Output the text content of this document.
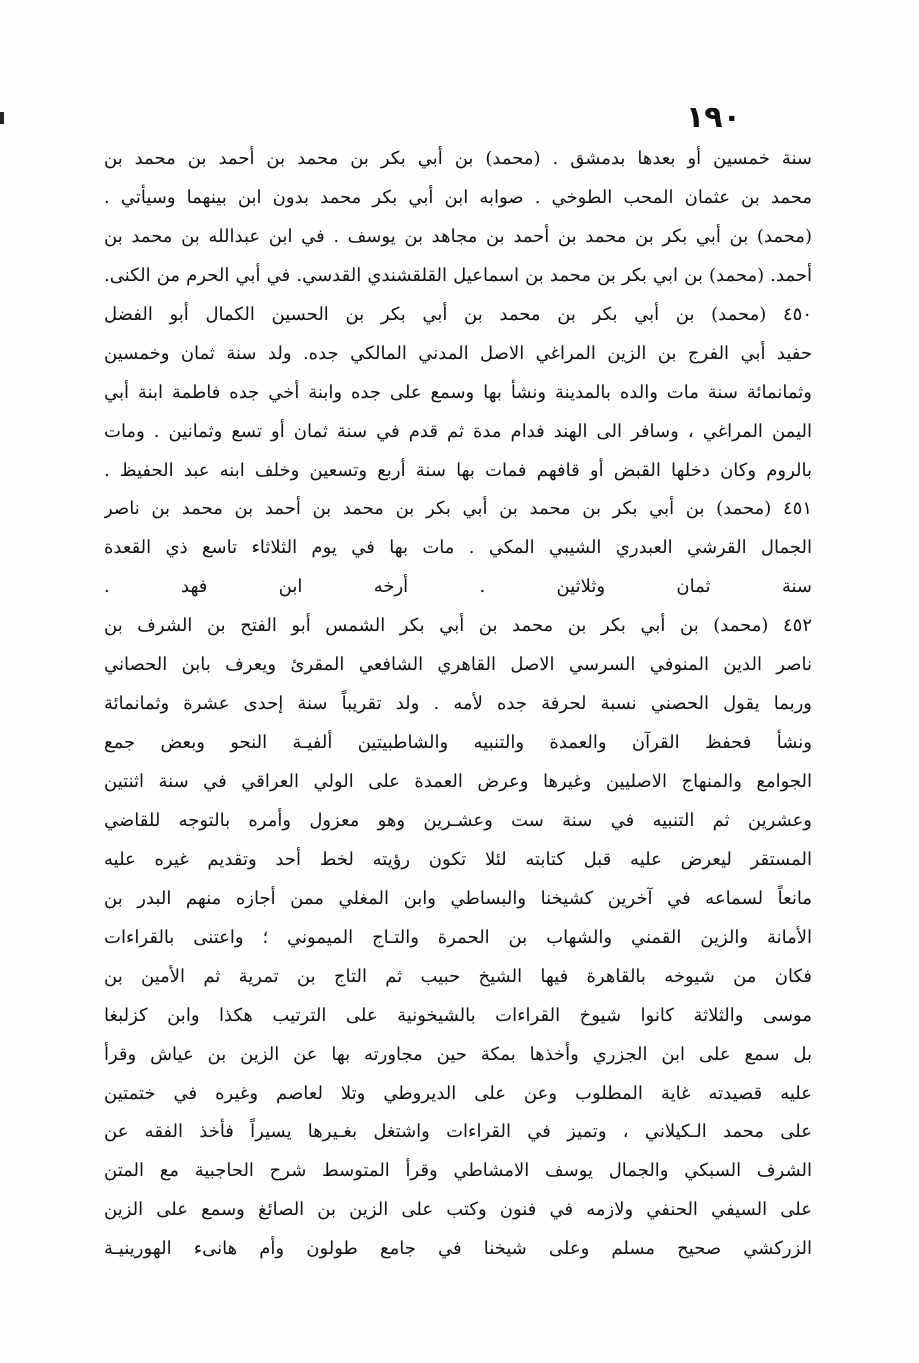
١٩٠
سنة خمسين أو بعدها بدمشق . (محمد) بن أبي بكر بن محمد بن أحمد بن محمد بن
محمد بن عثمان المحب الطوخي . صوابه ابن أبي بكر محمد بدون ابن بينهما وسيأتي .
(محمد) بن أبي بكر بن محمد بن أحمد بن مجاهد بن يوسف . في ابن عبدالله بن محمد بن
أحمد. (محمد) بن ابي بكر بن محمد بن اسماعيل القلقشندي القدسي. في أبي الحرم من الكنى.
٤٥٠ (محمد) بن أبي بكر بن محمد بن أبي بكر بن الحسين الكمال أبو الفضل
حفيد أبي الفرج بن الزين المراغي الاصل المدني المالكي جده. ولد سنة ثمان وخمسين
وثمانمائة سنة مات والده بالمدينة ونشأ بها وسمع على جده وابنة أخي جده فاطمة ابنة أبي
اليمن المراغي ، وسافر الى الهند فدام مدة ثم قدم في سنة ثمان أو تسع وثمانين . ومات
بالروم وكان دخلها القبض أو قافهم فمات بها سنة أربع وتسعين وخلف ابنه عبد الحفيظ .
٤٥١ (محمد) بن أبي بكر بن محمد بن أبي بكر بن محمد بن أحمد بن محمد بن ناصر
الجمال القرشي العبدري الشيبي المكي . مات بها في يوم الثلاثاء تاسع ذي القعدة
سنة ثمان وثلاثين . أرخه ابن فهد .
٤٥٢ (محمد) بن أبي بكر بن محمد بن أبي بكر الشمس أبو الفتح بن الشرف بن
ناصر الدين المنوفي السرسي الاصل القاهري الشافعي المقرئ ويعرف بابن الحصاني
وربما يقول الحصني نسبة لحرفة جده لأمه . ولد تقريباً سنة إحدى عشرة وثمانمائة
ونشأ فحفظ القرآن والعمدة والتنبيه والشاطبيتين ألفيـة النحو وبعض جمع
الجوامع والمنهاج الاصليين وغيرها وعرض العمدة على الولي العراقي في سنة اثنتين
وعشرين ثم التنبيه في سنة ست وعشـرين وهو معزول وأمره بالتوجه للقاضي
المستقر ليعرض عليه قبل كتابته لئلا تكون رؤيته لخط أحد وتقديم غيره عليه
مانعاً لسماعه في آخرين كشيخنا والبساطي وابن المغلي ممن أجازه منهم البدر بن
الأمانة والزين القمني والشهاب بن الحمرة والتـاج الميموني ؛ واعتنى بالقراءات
فكان من شيوخه بالقاهرة فيها الشيخ حبيب ثم التاج بن تمرية ثم الأمين بن
موسى والثلاثة كانوا شيوخ القراءات بالشيخونية على الترتيب هكذا وابن كزلبغا
بل سمع على ابن الجزري وأخذها بمكة حين مجاورته بها عن الزين بن عياش وقرأ
عليه قصيدته غاية المطلوب وعن على الديروطي وتلا لعاصم وغيره في ختمتين
على محمد الـكيلاني ، وتميز في القراءات واشتغل بغـيرها يسيراً فأخذ الفقه عن
الشرف السبكي والجمال يوسف الامشاطي وقرأ المتوسط شرح الحاجبية مع المتن
على السيفي الحنفي ولازمه في فنون وكتب على الزين بن الصائغ وسمع على الزين
الزركشي صحيح مسلم وعلى شيخنا في جامع طولون وأم هانىء الهورينيـة
